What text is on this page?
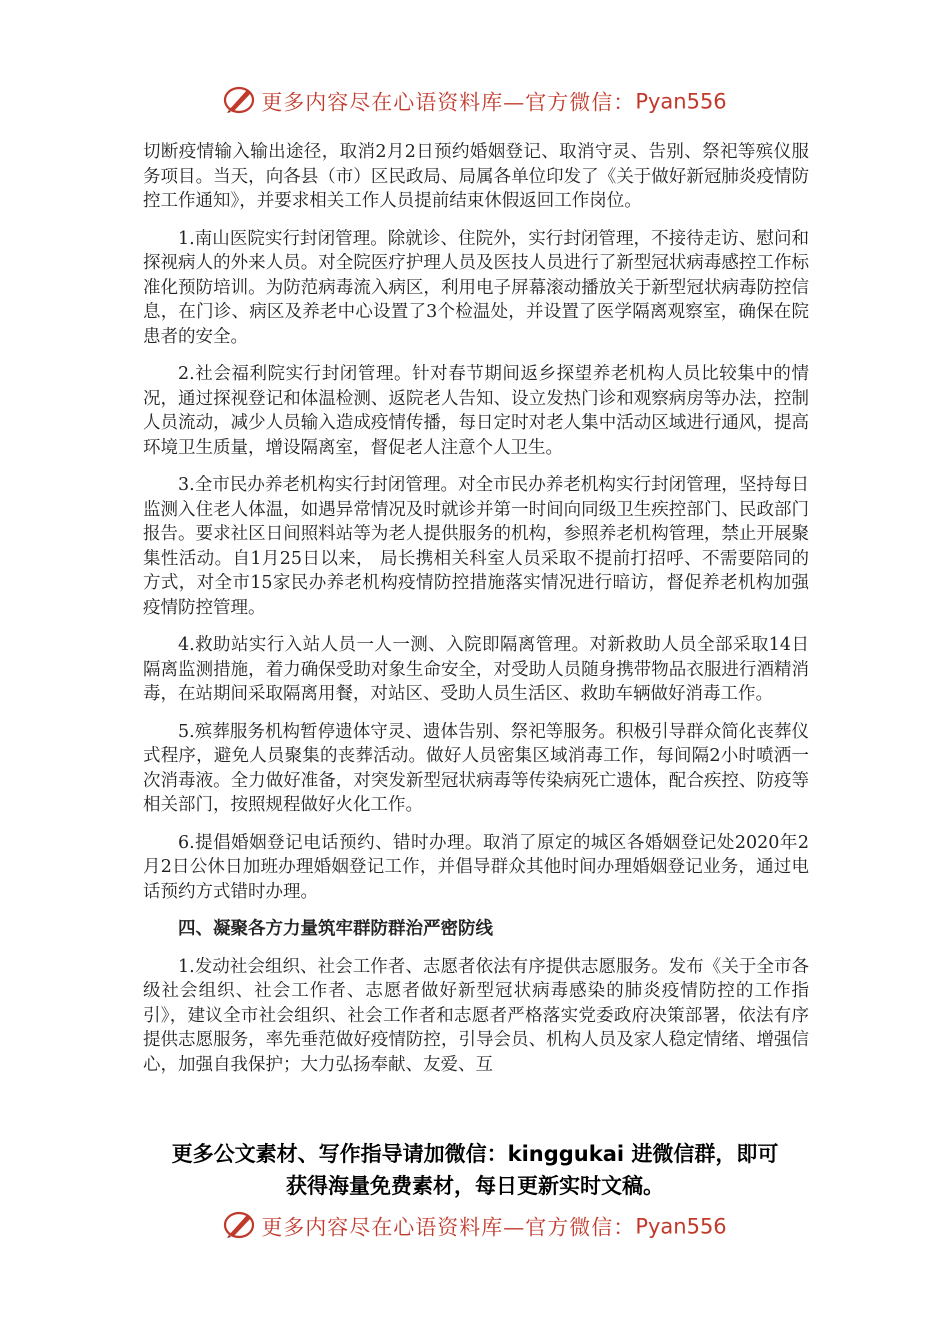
更多内容尽在心语资料库—官方微信：Pyan556

切断疫情输入输出途径，取消2月2日预约婚姻登记、取消守灵、告别、祭祀等殡仪服务项目。当天，向各县（市）区民政局、局属各单位印发了《关于做好新冠肺炎疫情防控工作通知》，并要求相关工作人员提前结束休假返回工作岗位。

1.南山医院实行封闭管理。除就诊、住院外，实行封闭管理，不接待走访、慰问和探视病人的外来人员。对全院医疗护理人员及医技人员进行了新型冠状病毒感控工作标准化预防培训。为防范病毒流入病区，利用电子屏幕滚动播放关于新型冠状病毒防控信息，在门诊、病区及养老中心设置了3个检温处，并设置了医学隔离观察室，确保在院患者的安全。

2.社会福利院实行封闭管理。针对春节期间返乡探望养老机构人员比较集中的情况，通过探视登记和体温检测、返院老人告知、设立发热门诊和观察病房等办法，控制人员流动，减少人员输入造成疫情传播，每日定时对老人集中活动区域进行通风，提高环境卫生质量，增设隔离室，督促老人注意个人卫生。

3.全市民办养老机构实行封闭管理。对全市民办养老机构实行封闭管理，坚持每日监测入住老人体温，如遇异常情况及时就诊并第一时间向同级卫生疾控部门、民政部门报告。要求社区日间照料站等为老人提供服务的机构，参照养老机构管理，禁止开展聚集性活动。自1月25日以来， 局长携相关科室人员采取不提前打招呼、不需要陪同的方式，对全市15家民办养老机构疫情防控措施落实情况进行暗访，督促养老机构加强疫情防控管理。

4.救助站实行入站人员一人一测、入院即隔离管理。对新救助人员全部采取14日隔离监测措施，着力确保受助对象生命安全，对受助人员随身携带物品衣服进行酒精消毒，在站期间采取隔离用餐，对站区、受助人员生活区、救助车辆做好消毒工作。

5.殡葬服务机构暂停遗体守灵、遗体告别、祭祀等服务。积极引导群众简化丧葬仪式程序，避免人员聚集的丧葬活动。做好人员密集区域消毒工作，每间隔2小时喷洒一次消毒液。全力做好准备，对突发新型冠状病毒等传染病死亡遗体，配合疾控、防疫等相关部门，按照规程做好火化工作。

6.提倡婚姻登记电话预约、错时办理。取消了原定的城区各婚姻登记处2020年2月2日公休日加班办理婚姻登记工作，并倡导群众其他时间办理婚姻登记业务，通过电话预约方式错时办理。

四、凝聚各方力量筑牢群防群治严密防线

1.发动社会组织、社会工作者、志愿者依法有序提供志愿服务。发布《关于全市各级社会组织、社会工作者、志愿者做好新型冠状病毒感染的肺炎疫情防控的工作指引》，建议全市社会组织、社会工作者和志愿者严格落实党委政府决策部署，依法有序提供志愿服务，率先垂范做好疫情防控，引导会员、机构人员及家人稳定情绪、增强信心，加强自我保护；大力弘扬奉献、友爱、互

更多公文素材、写作指导请加微信：kinggukai 进微信群，即可
获得海量免费素材，每日更新实时文稿。
更多内容尽在心语资料库—官方微信：Pyan556
